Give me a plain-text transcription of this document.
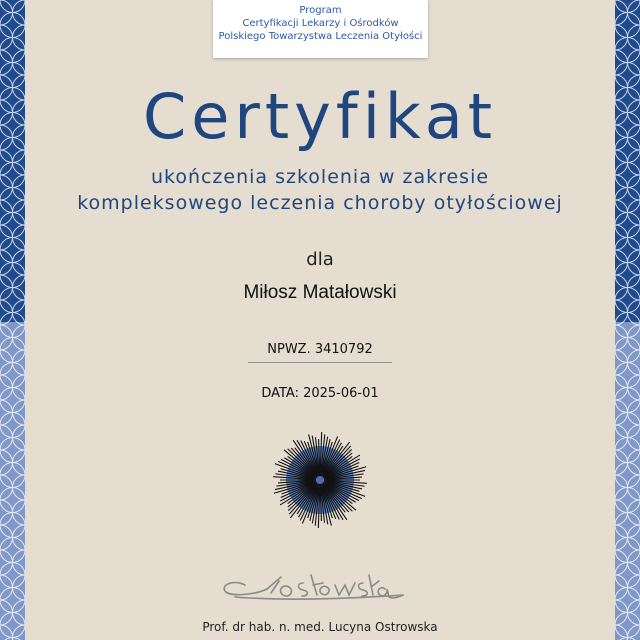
Program
Certyfikacji Lekarzy i Ośrodków
Polskiego Towarzystwa Leczenia Otyłości
Certyfikat
ukończenia szkolenia w zakresie
kompleksowego leczenia choroby otyłościowej
dla
Miłosz Matałowski
NPWZ. 3410792
DATA: 2025-06-01
Prof. dr hab. n. med. Lucyna Ostrowska
